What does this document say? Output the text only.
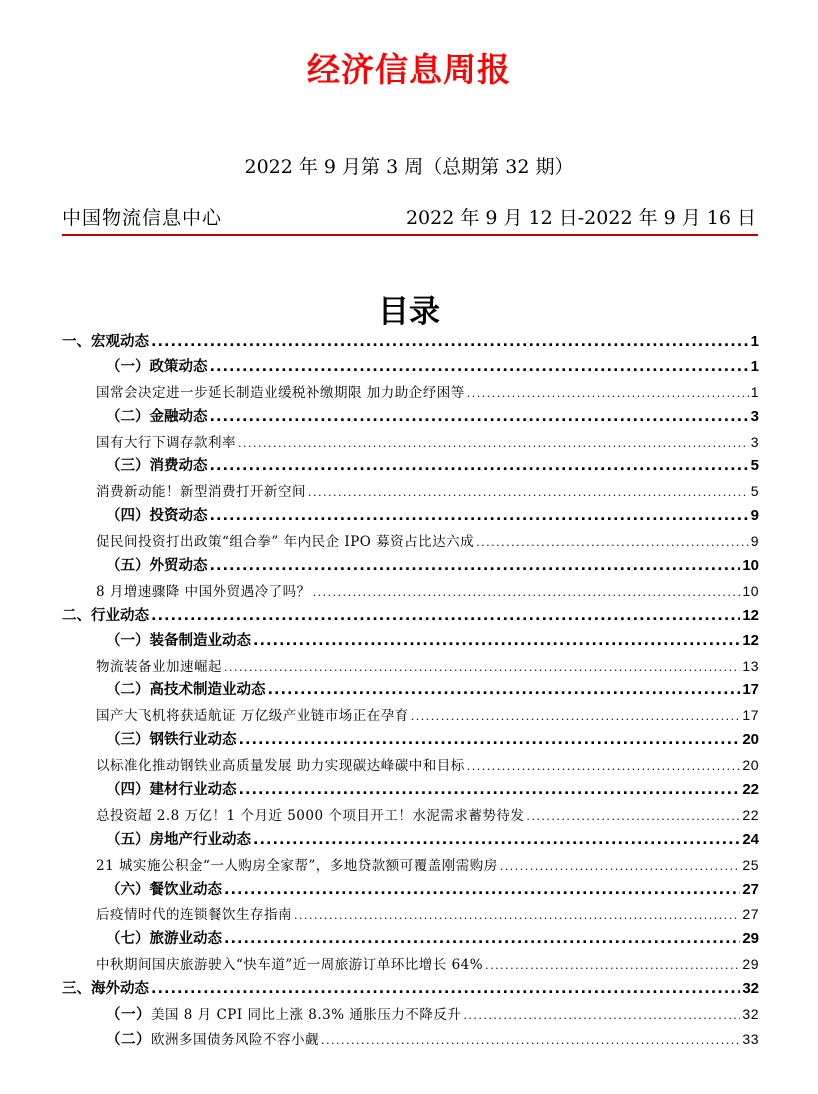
经济信息周报
2022 年 9 月第 3 周（总期第 32 期）
中国物流信息中心	2022 年 9 月 12 日-2022 年 9 月 16 日
目录
一、宏观动态 .....	1
（一）政策动态 .....	1
国常会决定进一步延长制造业缓税补缴期限 加力助企纾困等 .....	1
（二）金融动态 .....	3
国有大行下调存款利率 .....	3
（三）消费动态 .....	5
消费新动能！新型消费打开新空间 .....	5
（四）投资动态 .....	9
促民间投资打出政策“组合拳” 年内民企 IPO 募资占比达六成 .....	9
（五）外贸动态 .....	10
8 月增速骤降 中国外贸遇冷了吗？ .....	10
二、行业动态 .....	12
（一）装备制造业动态 .....	12
物流装备业加速崛起 .....	13
（二）高技术制造业动态 .....	17
国产大飞机将获适航证 万亿级产业链市场正在孕育 .....	17
（三）钢铁行业动态 .....	20
以标准化推动钢铁业高质量发展 助力实现碳达峰碳中和目标 .....	20
（四）建材行业动态 .....	22
总投资超 2.8 万亿！1 个月近 5000 个项目开工！水泥需求蓄势待发 .....	22
（五）房地产行业动态 .....	24
21 城实施公积金“一人购房全家帮”，多地贷款额可覆盖刚需购房 .....	25
（六）餐饮业动态 .....	27
后疫情时代的连锁餐饮生存指南 .....	27
（七）旅游业动态 .....	29
中秋期间国庆旅游驶入“快车道”近一周旅游订单环比增长 64% .....	29
三、海外动态 .....	32
（一）美国 8 月 CPI 同比上涨 8.3% 通胀压力不降反升 .....	32
（二）欧洲多国债务风险不容小觑 .....	33
